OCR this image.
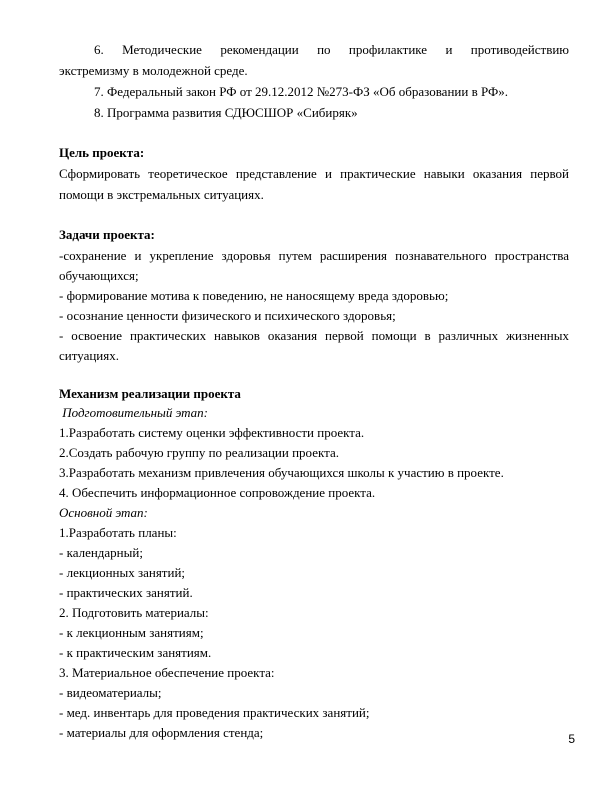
6. Методические рекомендации по профилактике и противодействию
экстремизму в молодежной среде.
7. Федеральный закон РФ от 29.12.2012 №273-ФЗ «Об образовании в РФ».
8. Программа развития СДЮСШОР «Сибиряк»
Цель проекта:
Сформировать теоретическое представление и практические навыки оказания первой
помощи в экстремальных ситуациях.
Задачи проекта:
-сохранение и укрепление здоровья путем расширения познавательного пространства
обучающихся;
- формирование мотива к поведению, не наносящему вреда здоровью;
- осознание ценности физического и психического здоровья;
- освоение практических навыков оказания первой помощи в различных жизненных
ситуациях.
Механизм реализации проекта
Подготовительный этап:
1.Разработать систему оценки эффективности проекта.
2.Создать рабочую группу по реализации проекта.
3.Разработать механизм привлечения обучающихся школы к участию в проекте.
4. Обеспечить информационное сопровождение проекта.
Основной этап:
1.Разработать планы:
- календарный;
- лекционных занятий;
- практических занятий.
2. Подготовить материалы:
- к лекционным занятиям;
- к практическим занятиям.
3. Материальное обеспечение проекта:
- видеоматериалы;
- мед. инвентарь для проведения практических занятий;
- материалы для оформления стенда;	5
